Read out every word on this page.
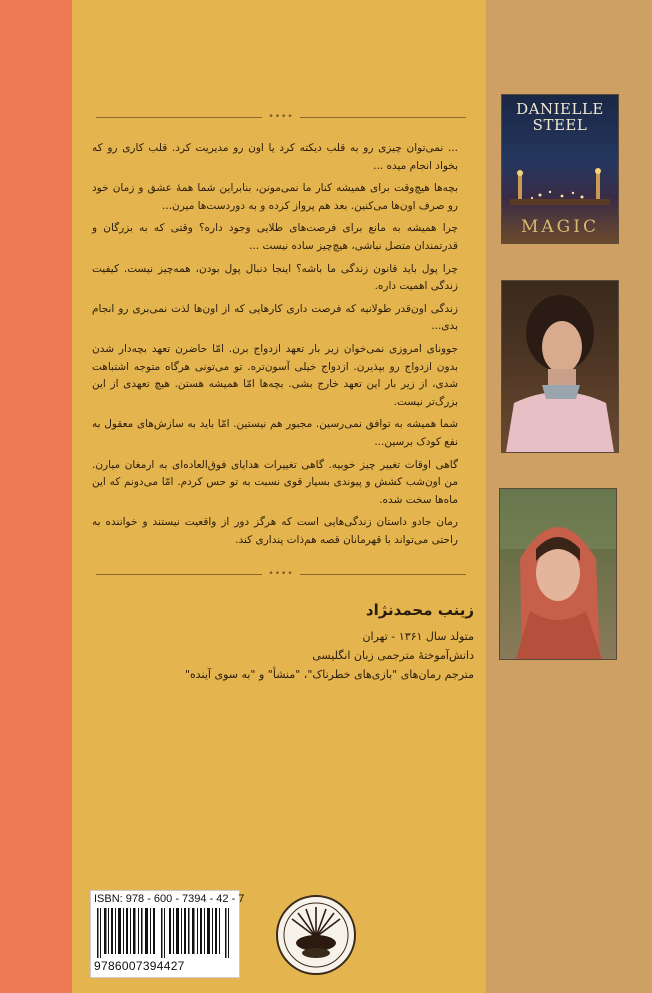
••••

... نمی‌توان چیزی رو به قلب دیکته کرد یا اون رو مدیریت کرد. قلب کاری رو که بخواد انجام میده ...

بچه‌ها هیچ‌وقت برای همیشه کنار ما نمی‌مونن، بنابراین شما همهٔ عشق و زمان خود رو صرف اون‌ها می‌کنین. بعد هم پرواز کرده و به دوردست‌ها میرن...

چرا همیشه به مانع برای فرصت‌های طلایی وجود داره؟ وقتی که به بزرگان و قدرتمندان متصل نباشی، هیچ‌چیز ساده نیست ...

چرا پول باید قانون زندگی ما باشه؟ اینجا دنبال پول بودن، همه‌چیز نیست. کیفیت زندگی اهمیت داره.

زندگی اون‌قدر طولانیه که فرصت داری کارهایی که از اون‌ها لذت نمی‌بری رو انجام بدی...

جوونای امروزی نمی‌خوان زیر بار تعهد ازدواج برن. امّا حاضرن تعهد بچه‌دار شدن بدون ازدواج رو بپذیرن. ازدواج خیلی آسون‌تره. تو می‌تونی هرگاه متوجه اشتباهت شدی، از زیر بار این تعهد خارج بشی. بچه‌ها امّا همیشه هستن. هیچ تعهدی از این بزرگ‌تر نیست.

شما همیشه به توافق نمی‌رسین. مجبور هم نیستین. امّا باید به سازش‌های معقول به نفع کودک برسین...

گاهی اوقات تغییر چیز خوبیه. گاهی تغییرات هدایای فوق‌العاده‌ای به ارمغان میارن. من اون‌شب کشش و پیوندی بسیار قوی نسبت به تو حس کردم. امّا می‌دونم که این ماه‌ها سخت شده.

رمان جادو داستان زندگی‌هایی است که هرگز دور از واقعیت نیستند و خواننده به راحتی می‌تواند با قهرمانان قصه هم‌ذات پنداری کند.

••••
زینب محمدنژاد
متولد سال ۱۳۶۱ - تهران
دانش‌آموختهٔ مترجمی زبان انگلیسی
مترجم رمان‌های "بازی‌های خطرناک"، "منشأ" و "به سوی آینده"
DANIELLE
STEEL
MAGIC
ISBN: 978 - 600 - 7394 - 42 - 7
9786007394427
